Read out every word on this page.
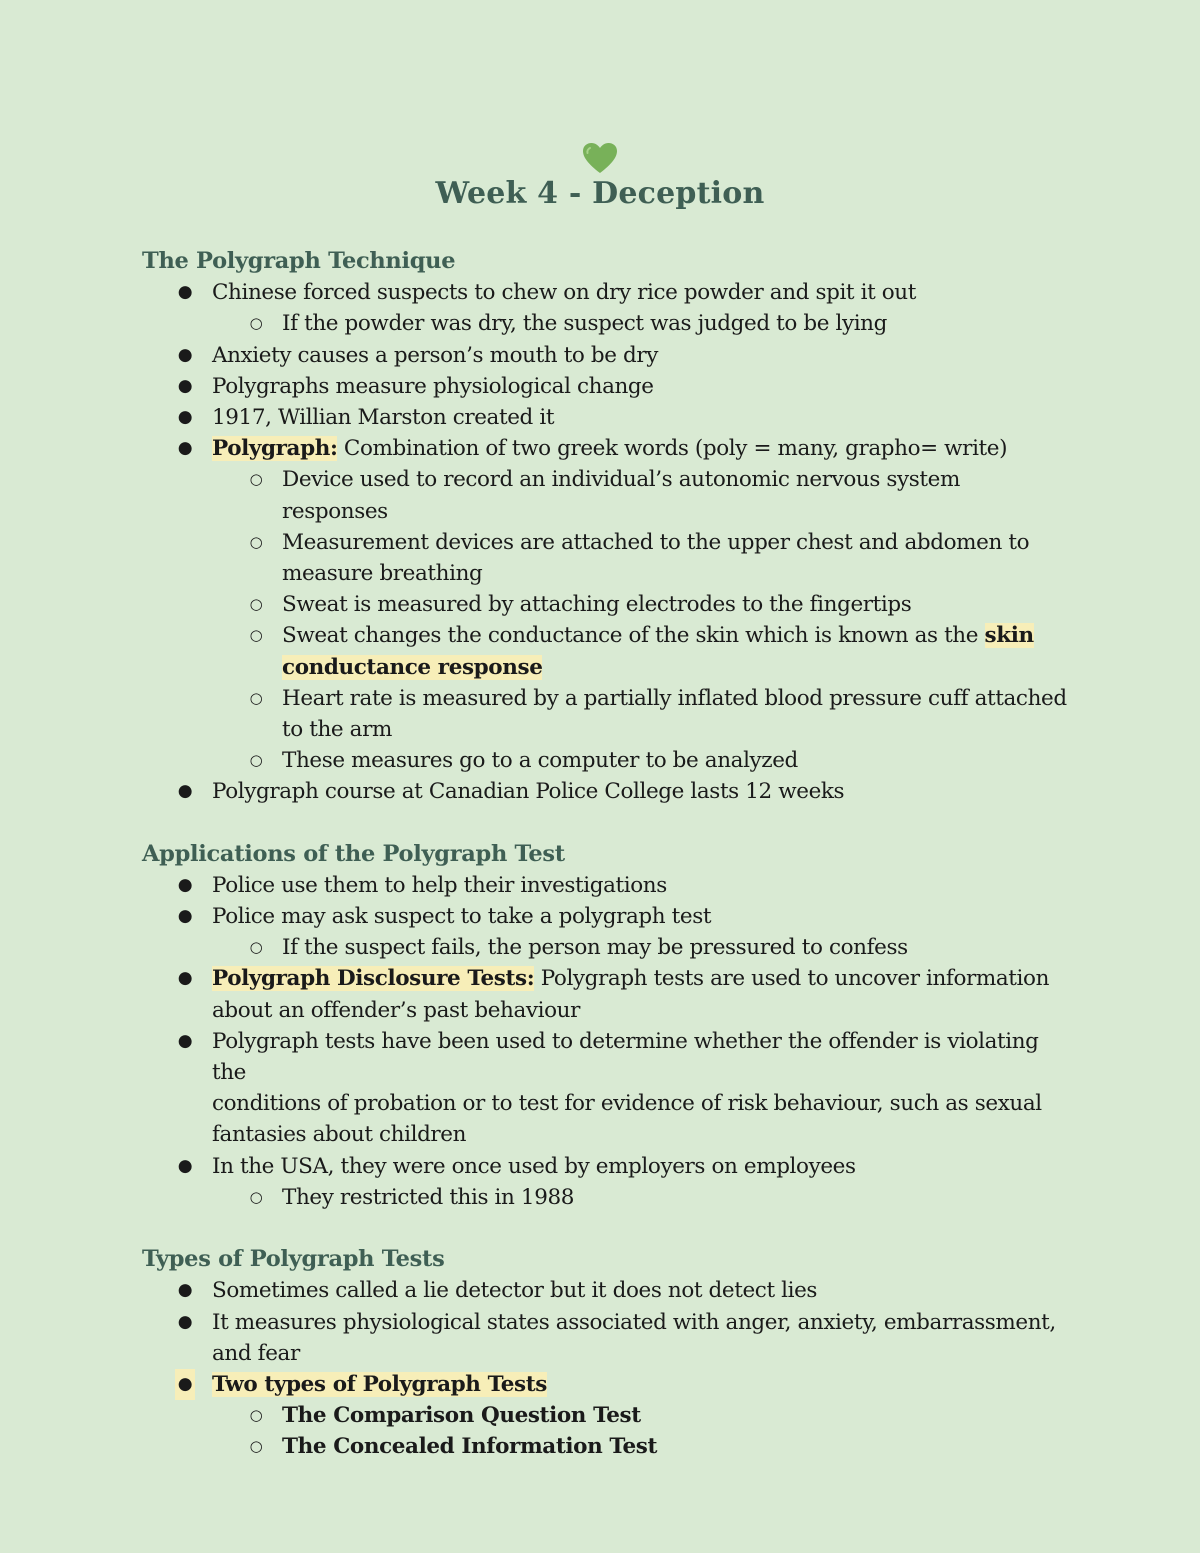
Week 4 - Deception
The Polygraph Technique
● Chinese forced suspects to chew on dry rice powder and spit it out
○ If the powder was dry, the suspect was judged to be lying
● Anxiety causes a person’s mouth to be dry
● Polygraphs measure physiological change
● 1917, Willian Marston created it
● Polygraph: Combination of two greek words (poly = many, grapho= write)
○ Device used to record an individual’s autonomic nervous system responses
○ Measurement devices are attached to the upper chest and abdomen to
measure breathing
○ Sweat is measured by attaching electrodes to the fingertips
○ Sweat changes the conductance of the skin which is known as the skin
conductance response
○ Heart rate is measured by a partially inflated blood pressure cuff attached
to the arm
○ These measures go to a computer to be analyzed
● Polygraph course at Canadian Police College lasts 12 weeks
Applications of the Polygraph Test
● Police use them to help their investigations
● Police may ask suspect to take a polygraph test
○ If the suspect fails, the person may be pressured to confess
● Polygraph Disclosure Tests: Polygraph tests are used to uncover information
about an offender’s past behaviour
● Polygraph tests have been used to determine whether the offender is violating the
conditions of probation or to test for evidence of risk behaviour, such as sexual
fantasies about children
● In the USA, they were once used by employers on employees
○ They restricted this in 1988
Types of Polygraph Tests
● Sometimes called a lie detector but it does not detect lies
● It measures physiological states associated with anger, anxiety, embarrassment,
and fear
● Two types of Polygraph Tests
○ The Comparison Question Test
○ The Concealed Information Test
